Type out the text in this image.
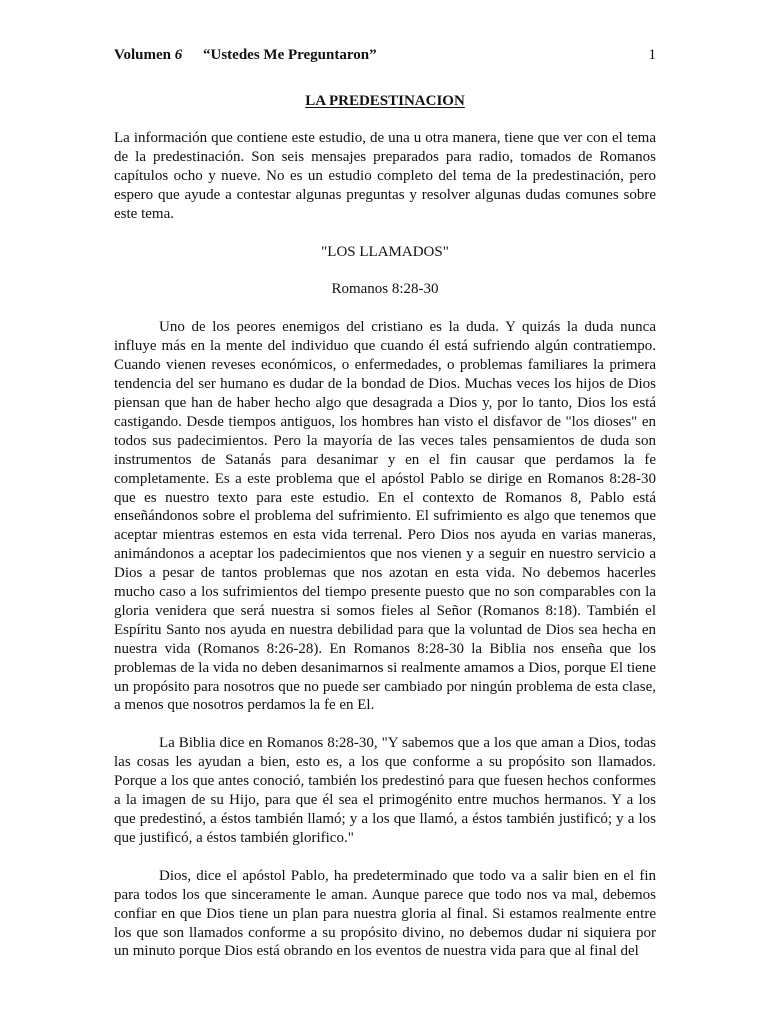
Volumen 6 “Ustedes Me Preguntaron”	1
LA PREDESTINACION

La información que contiene este estudio, de una u otra manera, tiene que ver con el tema de la predestinación. Son seis mensajes preparados para radio, tomados de Romanos capítulos ocho y nueve. No es un estudio completo del tema de la predestinación, pero espero que ayude a contestar algunas preguntas y resolver algunas dudas comunes sobre este tema.

"LOS LLAMADOS"

Romanos 8:28-30

Uno de los peores enemigos del cristiano es la duda. Y quizás la duda nunca influye más en la mente del individuo que cuando él está sufriendo algún contratiempo. Cuando vienen reveses económicos, o enfermedades, o problemas familiares la primera tendencia del ser humano es dudar de la bondad de Dios. Muchas veces los hijos de Dios piensan que han de haber hecho algo que desagrada a Dios y, por lo tanto, Dios los está castigando. Desde tiempos antiguos, los hombres han visto el disfavor de "los dioses" en todos sus padecimientos. Pero la mayoría de las veces tales pensamientos de duda son instrumentos de Satanás para desanimar y en el fin causar que perdamos la fe completamente. Es a este problema que el apóstol Pablo se dirige en Romanos 8:28-30 que es nuestro texto para este estudio. En el contexto de Romanos 8, Pablo está enseñándonos sobre el problema del sufrimiento. El sufrimiento es algo que tenemos que aceptar mientras estemos en esta vida terrenal. Pero Dios nos ayuda en varias maneras, animándonos a aceptar los padecimientos que nos vienen y a seguir en nuestro servicio a Dios a pesar de tantos problemas que nos azotan en esta vida. No debemos hacerles mucho caso a los sufrimientos del tiempo presente puesto que no son comparables con la gloria venidera que será nuestra si somos fieles al Señor (Romanos 8:18). También el Espíritu Santo nos ayuda en nuestra debilidad para que la voluntad de Dios sea hecha en nuestra vida (Romanos 8:26-28). En Romanos 8:28-30 la Biblia nos enseña que los problemas de la vida no deben desanimarnos si realmente amamos a Dios, porque El tiene un propósito para nosotros que no puede ser cambiado por ningún problema de esta clase, a menos que nosotros perdamos la fe en El.

La Biblia dice en Romanos 8:28-30, "Y sabemos que a los que aman a Dios, todas las cosas les ayudan a bien, esto es, a los que conforme a su propósito son llamados. Porque a los que antes conoció, también los predestinó para que fuesen hechos conformes a la imagen de su Hijo, para que él sea el primogénito entre muchos hermanos. Y a los que predestinó, a éstos también llamó; y a los que llamó, a éstos también justificó; y a los que justificó, a éstos también glorifico."

Dios, dice el apóstol Pablo, ha predeterminado que todo va a salir bien en el fin para todos los que sinceramente le aman. Aunque parece que todo nos va mal, debemos confiar en que Dios tiene un plan para nuestra gloria al final. Si estamos realmente entre los que son llamados conforme a su propósito divino, no debemos dudar ni siquiera por un minuto porque Dios está obrando en los eventos de nuestra vida para que al final del
